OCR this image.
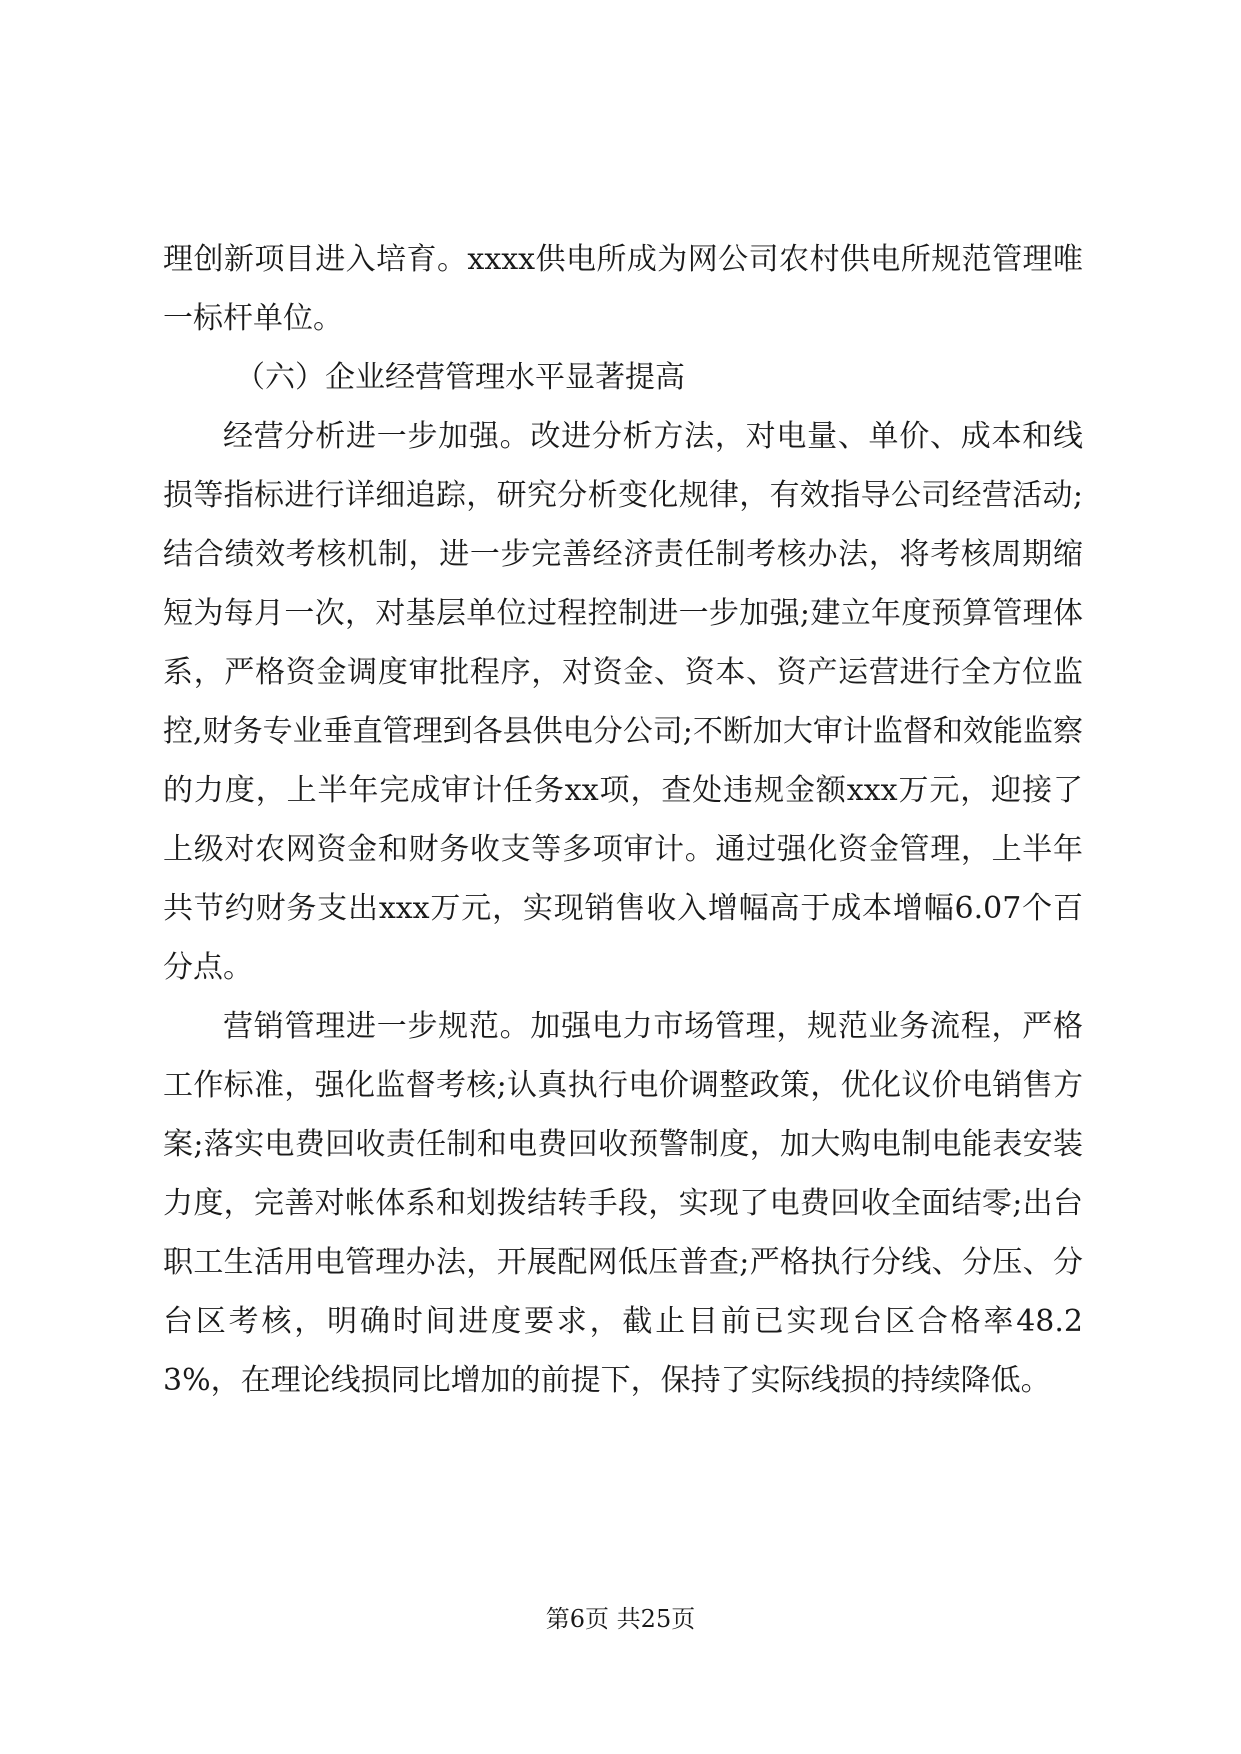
理创新项目进入培育。xxxx供电所成为网公司农村供电所规范管理唯一标杆单位。

（六）企业经营管理水平显著提高

经营分析进一步加强。改进分析方法，对电量、单价、成本和线损等指标进行详细追踪，研究分析变化规律，有效指导公司经营活动;结合绩效考核机制，进一步完善经济责任制考核办法，将考核周期缩短为每月一次，对基层单位过程控制进一步加强;建立年度预算管理体系，严格资金调度审批程序，对资金、资本、资产运营进行全方位监控,财务专业垂直管理到各县供电分公司;不断加大审计监督和效能监察的力度，上半年完成审计任务xx项，查处违规金额xxx万元，迎接了上级对农网资金和财务收支等多项审计。通过强化资金管理，上半年共节约财务支出xxx万元，实现销售收入增幅高于成本增幅6.07个百分点。

营销管理进一步规范。加强电力市场管理，规范业务流程，严格工作标准，强化监督考核;认真执行电价调整政策，优化议价电销售方案;落实电费回收责任制和电费回收预警制度，加大购电制电能表安装力度，完善对帐体系和划拨结转手段，实现了电费回收全面结零;出台职工生活用电管理办法，开展配网低压普查;严格执行分线、分压、分台区考核，明确时间进度要求，截止目前已实现台区合格率48.23%，在理论线损同比增加的前提下，保持了实际线损的持续降低。

第6页 共25页
